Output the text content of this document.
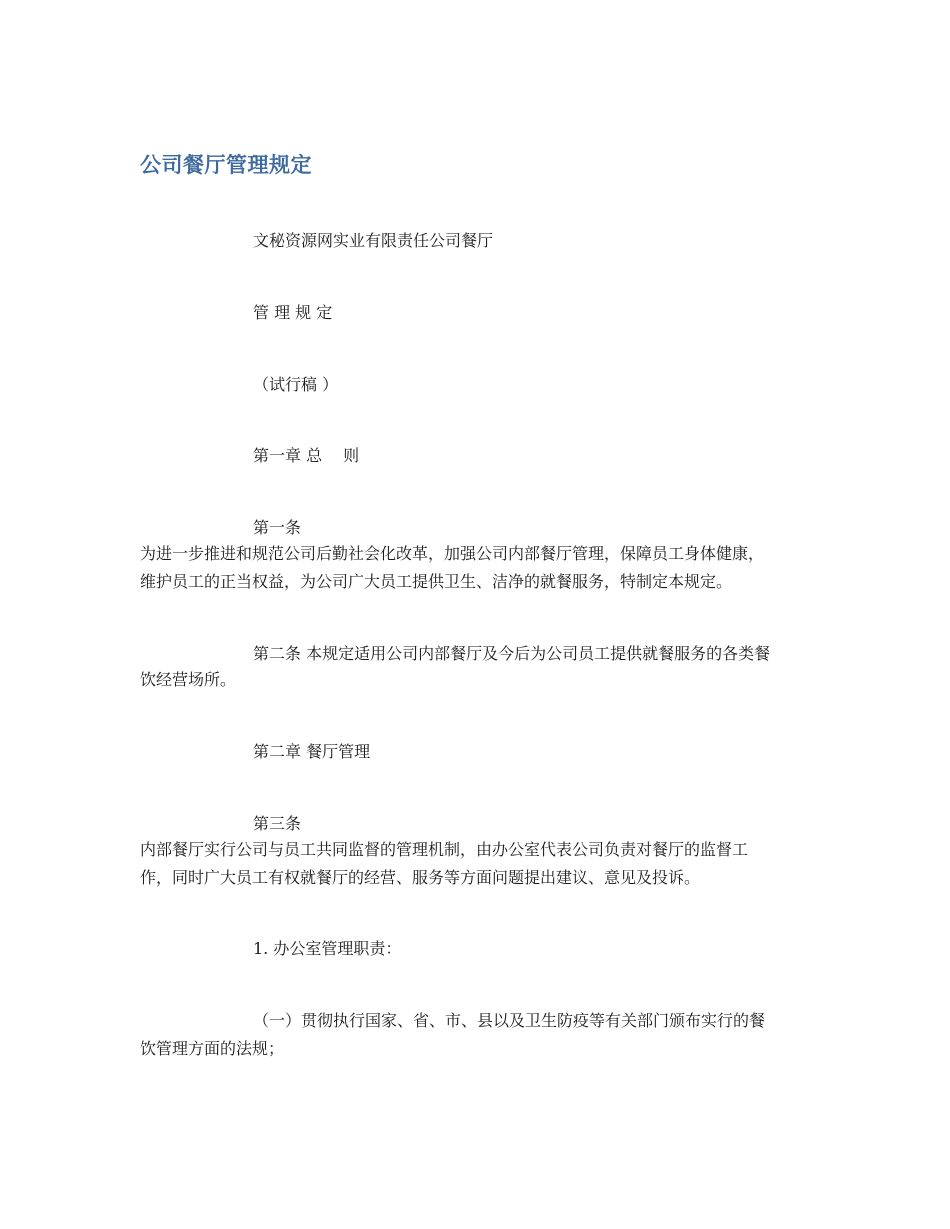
公司餐厅管理规定

文秘资源网实业有限责任公司餐厅

管 理 规 定

（试行稿 ）

第一章 总　 则

第一条

为进一步推进和规范公司后勤社会化改革，加强公司内部餐厅管理，保障员工身体健康，

维护员工的正当权益，为公司广大员工提供卫生、洁净的就餐服务，特制定本规定。

第二条 本规定适用公司内部餐厅及今后为公司员工提供就餐服务的各类餐

饮经营场所。

第二章 餐厅管理

第三条

内部餐厅实行公司与员工共同监督的管理机制，由办公室代表公司负责对餐厅的监督工

作，同时广大员工有权就餐厅的经营、服务等方面问题提出建议、意见及投诉。

1. 办公室管理职责：

（一）贯彻执行国家、省、市、县以及卫生防疫等有关部门颁布实行的餐

饮管理方面的法规；
